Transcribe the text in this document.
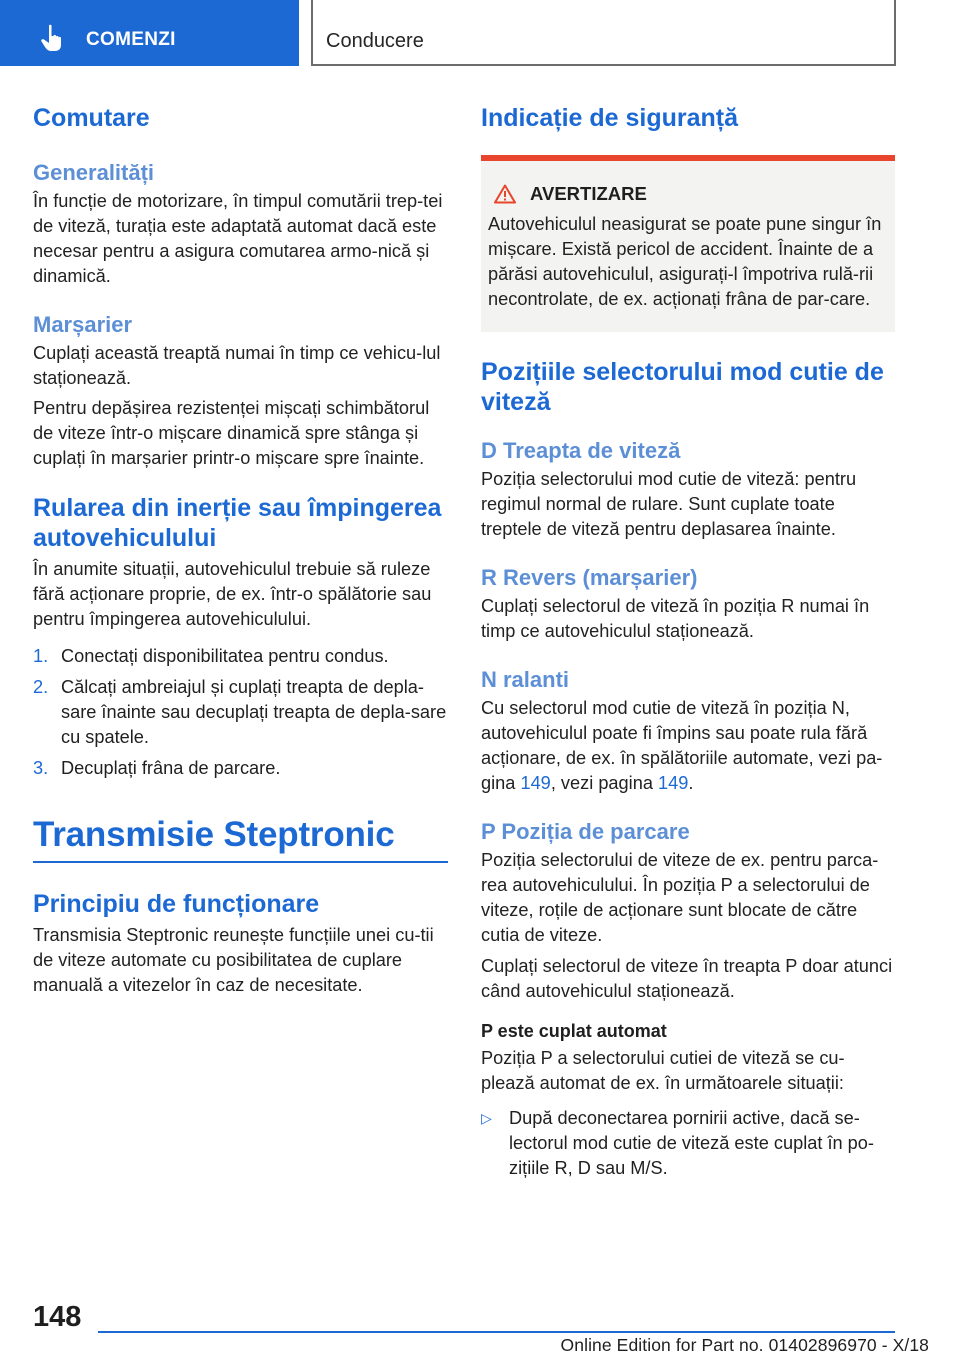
COMENZI	Conducere
Comutare
Generalități

În funcție de motorizare, în timpul comutării trep-tei de viteză, turația este adaptată automat dacă este necesar pentru a asigura comutarea armo-nică și dinamică.

Marșarier

Cuplați această treaptă numai în timp ce vehicu-lul staționează.

Pentru depășirea rezistenței mișcați schimbătorul de viteze într-o mișcare dinamică spre stânga și cuplați în marșarier printr-o mișcare spre înainte.

Rularea din inerție sau împingerea autovehiculului

În anumite situații, autovehiculul trebuie să ruleze fără acționare proprie, de ex. într-o spălătorie sau pentru împingerea autovehiculului.

1. Conectați disponibilitatea pentru condus.
2. Călcați ambreiajul și cuplați treapta de depla-sare înainte sau decuplați treapta de depla-sare cu spatele.
3. Decuplați frâna de parcare.
Transmisie Steptronic
Principiu de funcționare

Transmisia Steptronic reunește funcțiile unei cu-tii de viteze automate cu posibilitatea de cuplare manuală a vitezelor în caz de necesitate.

Indicație de siguranță
AVERTIZARE

Autovehiculul neasigurat se poate pune singur în mișcare. Există pericol de accident. Înainte de a părăsi autovehiculul, asigurați-l împotriva rulă-rii necontrolate, de ex. acționați frâna de par-care.

Pozițiile selectorului mod cutie de viteză
D Treapta de viteză

Poziția selectorului mod cutie de viteză: pentru regimul normal de rulare. Sunt cuplate toate treptele de viteză pentru deplasarea înainte.

R Revers (marșarier)

Cuplați selectorul de viteză în poziția R numai în timp ce autovehiculul staționează.

N ralanti

Cu selectorul mod cutie de viteză în poziția N, autovehiculul poate fi împins sau poate rula fără acționare, de ex. în spălătoriile automate, vezi pa-gina 149, vezi pagina 149.

P Poziția de parcare

Poziția selectorului de viteze de ex. pentru parca-rea autovehiculului. În poziția P a selectorului de viteze, roțile de acționare sunt blocate de către cutia de viteze.

Cuplați selectorul de viteze în treapta P doar atunci când autovehiculul staționează.

P este cuplat automat

Poziția P a selectorului cutiei de viteză se cu-plează automat de ex. în următoarele situații:

▷ După deconectarea pornirii active, dacă se-lectorul mod cutie de viteză este cuplat în po-zițiile R, D sau M/S.
148
Online Edition for Part no. 01402896970 - X/18
